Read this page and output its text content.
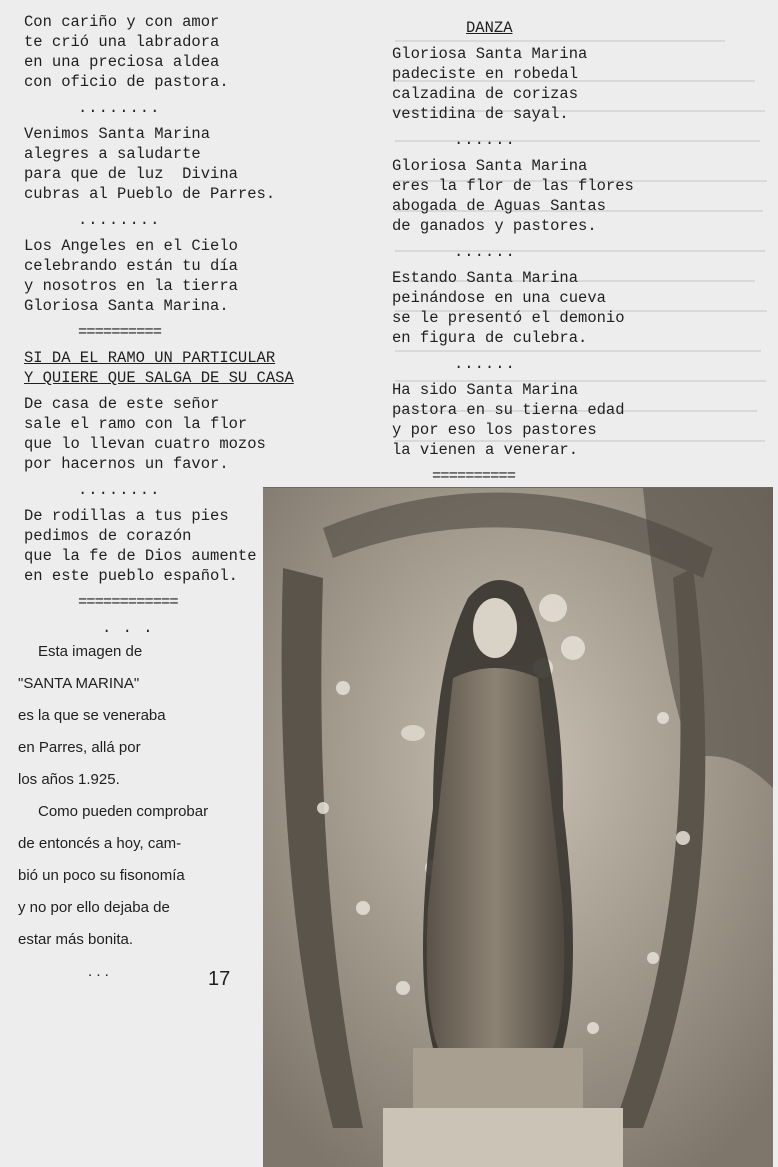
Con cariño y con amor
te crió una labradora
en una preciosa aldea
con oficio de pastora.
........
Venimos Santa Marina
alegres a saludarte
para que de luz  Divina
cubras al Pueblo de Parres.
........
Los Angeles en el Cielo
celebrando están tu día
y nosotros en la tierra
Gloriosa Santa Marina.
==========
SI DA EL RAMO UN PARTICULAR
Y QUIERE QUE SALGA DE SU CASA
De casa de este señor
sale el ramo con la flor
que lo llevan cuatro mozos
por hacernos un favor.
........
De rodillas a tus pies
pedimos de corazón
que la fe de Dios aumente
en este pueblo español.
============
. . .
DANZA
Gloriosa Santa Marina
padeciste en robedal
calzadina de corizas
vestidina de sayal.
......
Gloriosa Santa Marina
eres la flor de las flores
abogada de Aguas Santas
de ganados y pastores.
......
Estando Santa Marina
peinándose en una cueva
se le presentó el demonio
en figura de culebra.
......
Ha sido Santa Marina
pastora en su tierna edad
y por eso los pastores
la vienen a venerar.
==========
Esta imagen de
"SANTA MARINA"
es la que se veneraba
en Parres, allá por
los años 1.925.
Como pueden comprobar
de entoncés a hoy, cam-
bió un poco su fisonomía
y no por ello dejaba de
estar más bonita.
. . .	17
